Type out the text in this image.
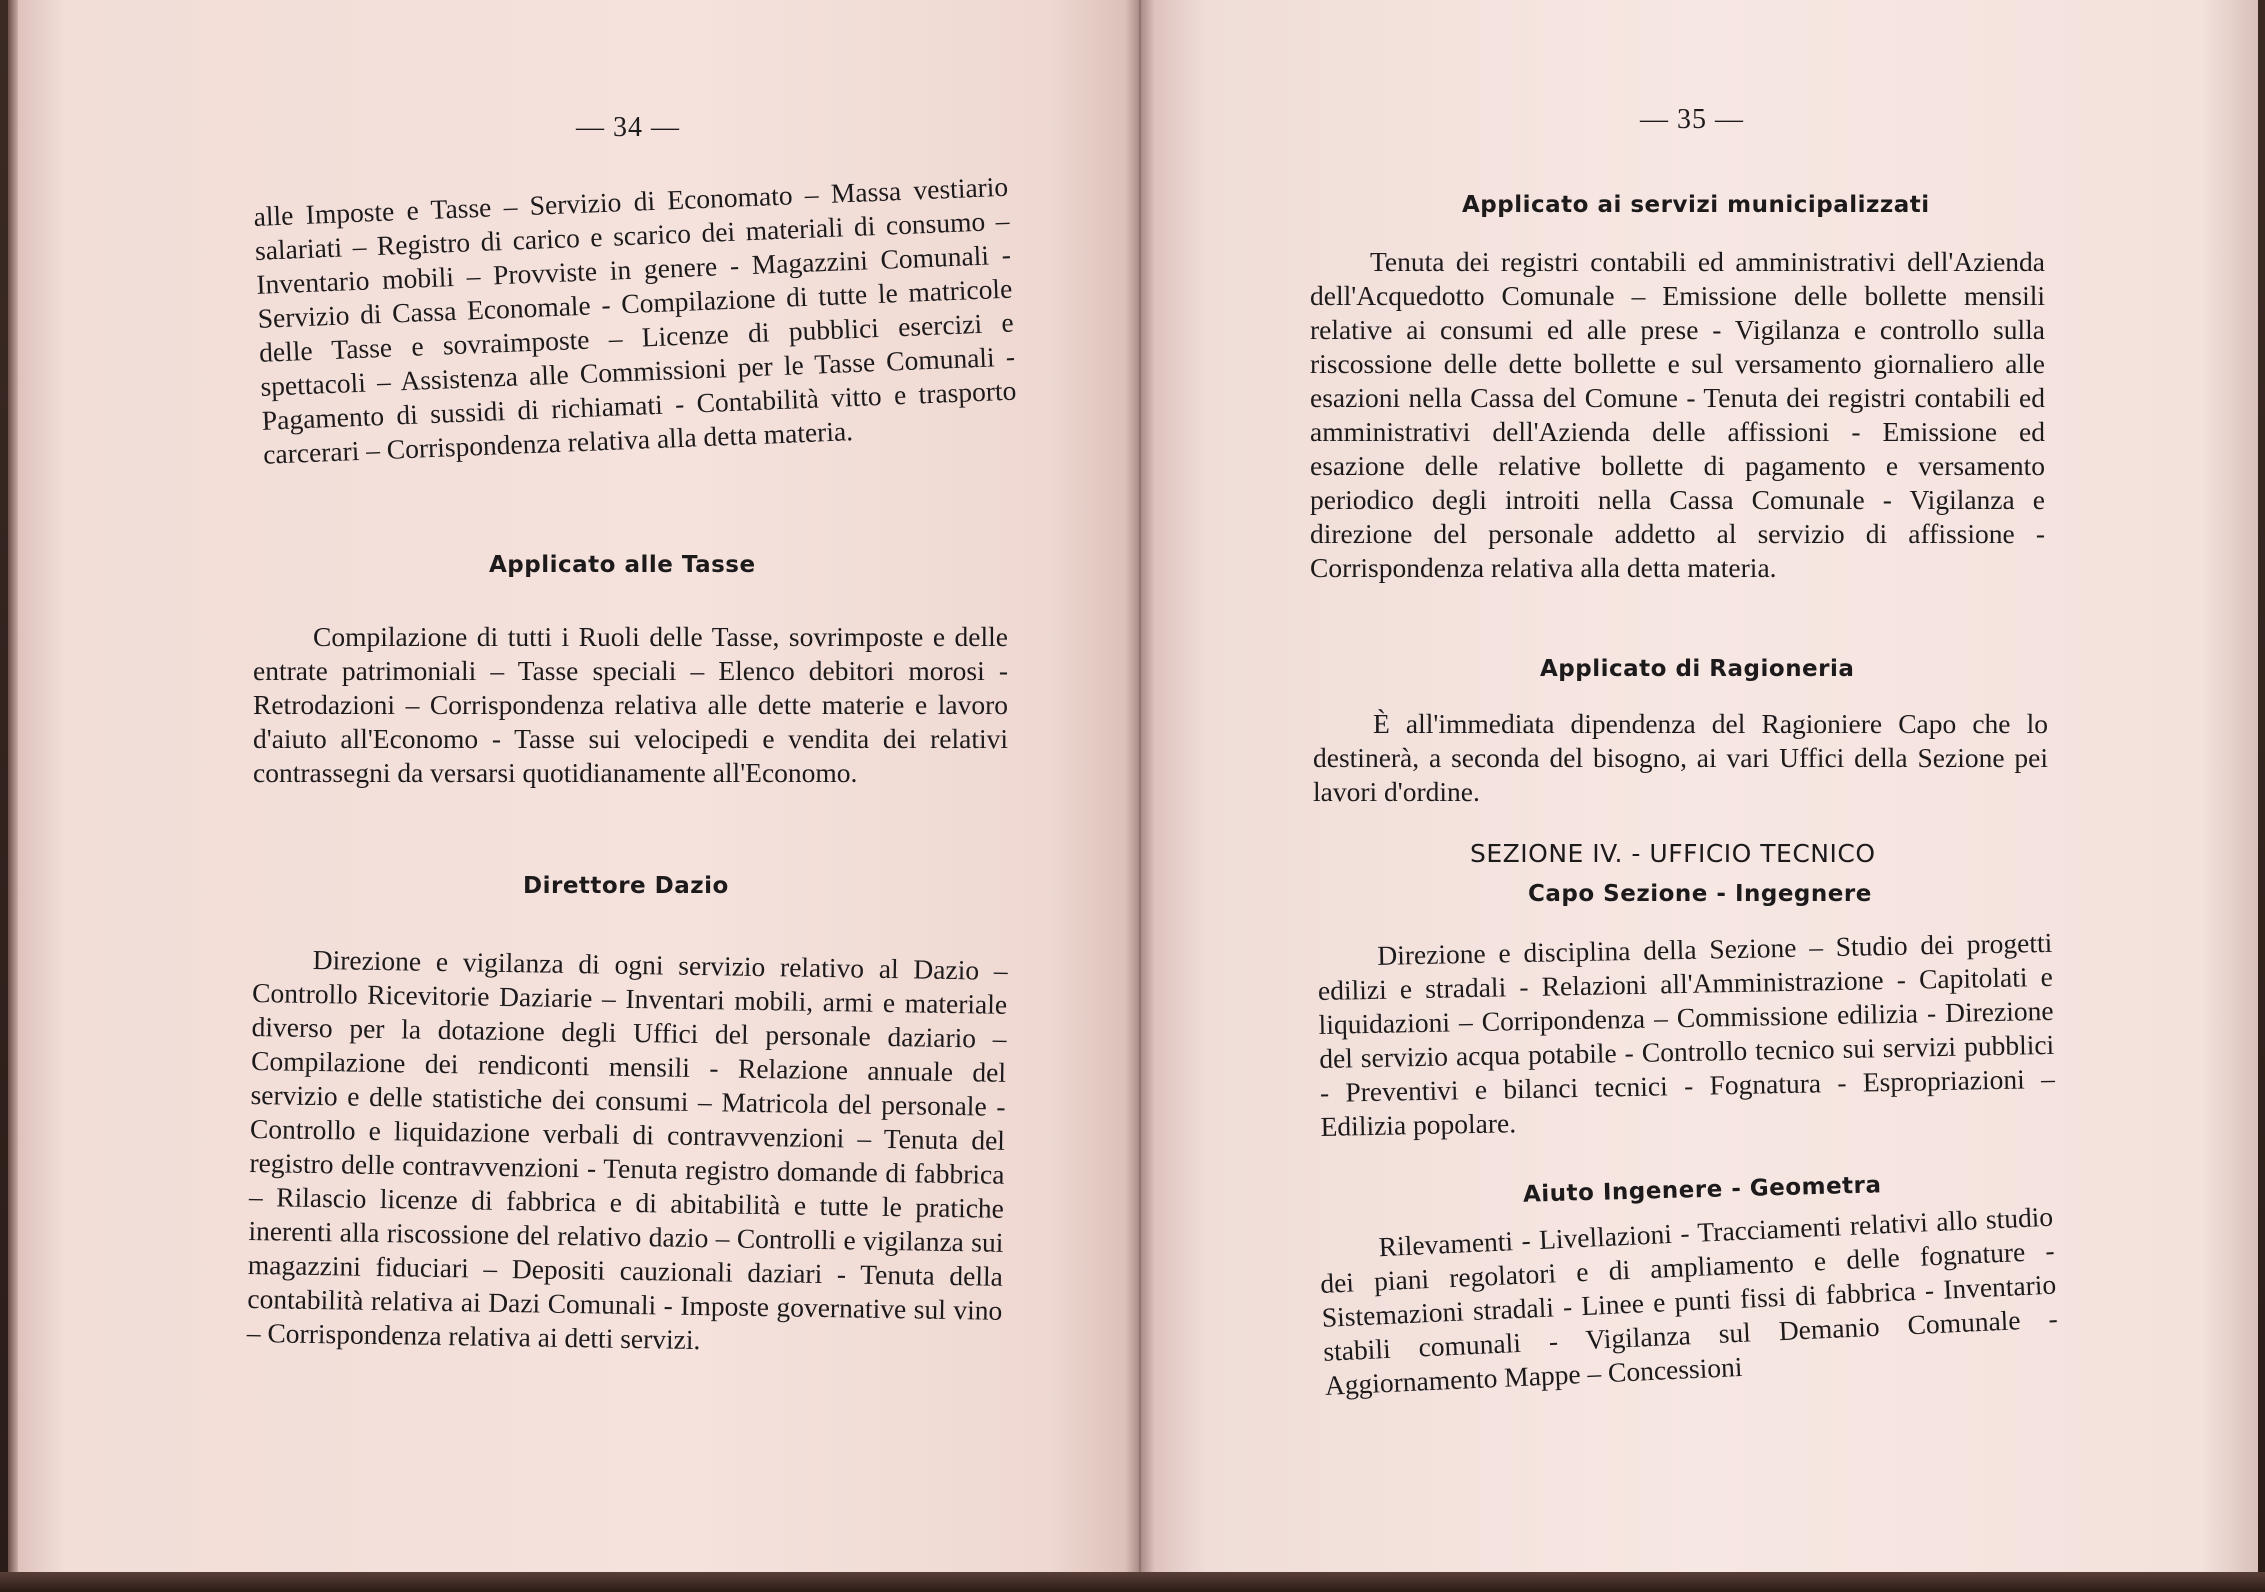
— 34 —
alle Imposte e Tasse – Servizio di Economato – Massa vestiario salariati – Registro di carico e scarico dei materiali di consumo – Inventario mobili – Provviste in genere - Magazzini Comunali - Servizio di Cassa Economale - Compilazione di tutte le matricole delle Tasse e sovraimposte – Licenze di pubblici esercizi e spettacoli – Assistenza alle Commissioni per le Tasse Comunali - Pagamento di sussidi di richiamati - Contabilità vitto e trasporto carcerari – Corrispondenza relativa alla detta materia.
Applicato alle Tasse
Compilazione di tutti i Ruoli delle Tasse, sovrimposte e delle entrate patrimoniali – Tasse speciali – Elenco debitori morosi - Retrodazioni – Corrispondenza relativa alle dette materie e lavoro d'aiuto all'Economo - Tasse sui velocipedi e vendita dei relativi contrassegni da versarsi quotidianamente all'Economo.
Direttore Dazio
Direzione e vigilanza di ogni servizio relativo al Dazio – Controllo Ricevitorie Daziarie – Inventari mobili, armi e materiale diverso per la dotazione degli Uffici del personale daziario – Compilazione dei rendiconti mensili - Relazione annuale del servizio e delle statistiche dei consumi – Matricola del personale - Controllo e liquidazione verbali di contravvenzioni – Tenuta del registro delle contravvenzioni - Tenuta registro domande di fabbrica – Rilascio licenze di fabbrica e di abitabilità e tutte le pratiche inerenti alla riscossione del relativo dazio – Controlli e vigilanza sui magazzini fiduciari – Depositi cauzionali daziari - Tenuta della contabilità relativa ai Dazi Comunali - Imposte governative sul vino – Corrispondenza relativa ai detti servizi.
— 35 —
Applicato ai servizi municipalizzati
Tenuta dei registri contabili ed amministrativi dell'Azienda dell'Acquedotto Comunale – Emissione delle bollette mensili relative ai consumi ed alle prese - Vigilanza e controllo sulla riscossione delle dette bollette e sul versamento giornaliero alle esazioni nella Cassa del Comune - Tenuta dei registri contabili ed amministrativi dell'Azienda delle affissioni - Emissione ed esazione delle relative bollette di pagamento e versamento periodico degli introiti nella Cassa Comunale - Vigilanza e direzione del personale addetto al servizio di affissione - Corrispondenza relativa alla detta materia.
Applicato di Ragioneria
È all'immediata dipendenza del Ragioniere Capo che lo destinerà, a seconda del bisogno, ai vari Uffici della Sezione pei lavori d'ordine.
SEZIONE IV. - UFFICIO TECNICO
Capo Sezione - Ingegnere
Direzione e disciplina della Sezione – Studio dei progetti edilizi e stradali - Relazioni all'Amministrazione - Capitolati e liquidazioni – Corripondenza – Commissione edilizia - Direzione del servizio acqua potabile - Controllo tecnico sui servizi pubblici - Preventivi e bilanci tecnici - Fognatura - Espropriazioni – Edilizia popolare.
Aiuto Ingenere - Geometra
Rilevamenti - Livellazioni - Tracciamenti relativi allo studio dei piani regolatori e di ampliamento e delle fognature - Sistemazioni stradali - Linee e punti fissi di fabbrica - Inventario stabili comunali - Vigilanza sul Demanio Comunale - Aggiornamento Mappe – Concessioni
